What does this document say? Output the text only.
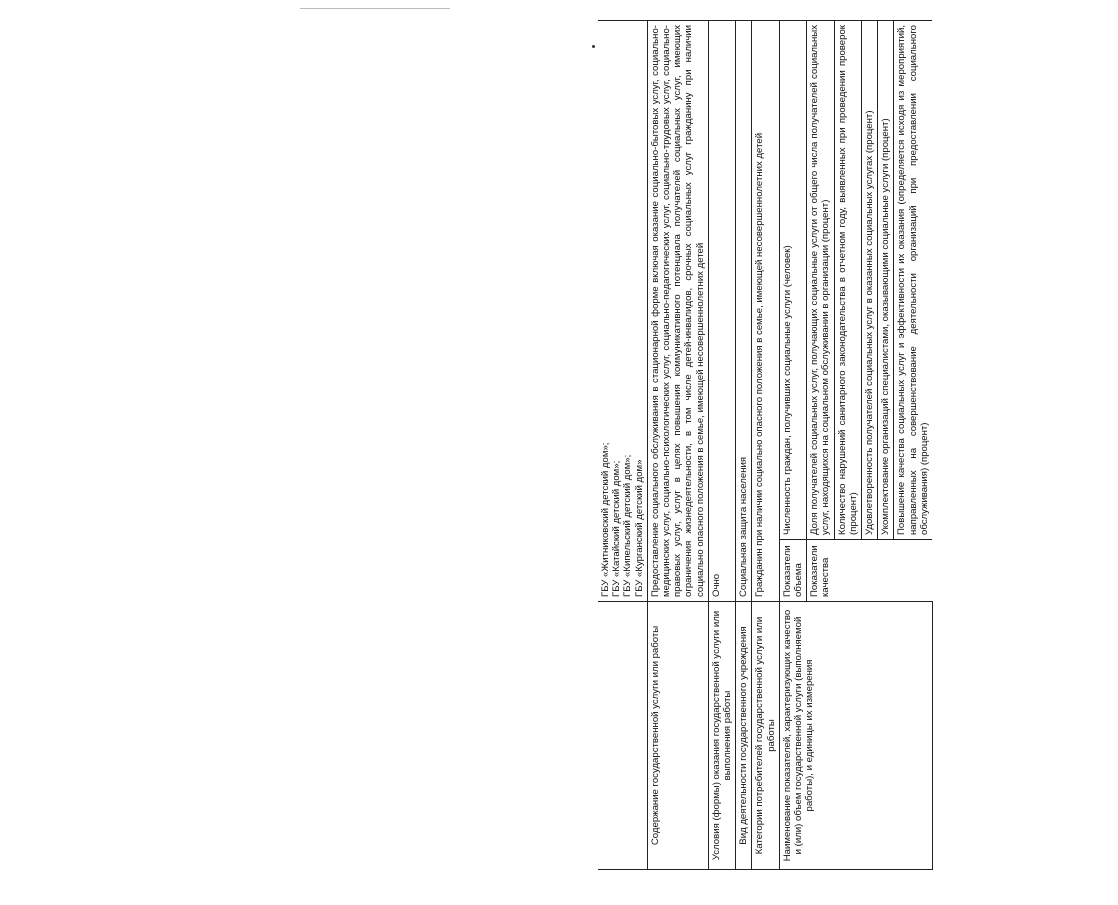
	ГБУ «Житниковский детский дом»; ГБУ «Катайский детский дом»; ГБУ «Кипельский детский дом»; ГБУ «Курганский детский дом»	

Содержание государственной услуги или работы	Предоставление социального обслуживания в стационарной форме включая оказание социально-бытовых услуг, социально-медицинских услуг, социально-психологических услуг, социально-педагогических услуг, социально-трудовых услуг, социально-правовых услуг, услуг в целях повышения коммуникативного потенциала получателей социальных услуг, имеющих ограничения жизнедеятельности, в том числе детей-инвалидов, срочных социальных услуг гражданину при наличии социально опасного положения в семье, имеющей несовершеннолетних детей	
Условия (формы) оказания государственной услуги или выполнения работы	Очно	
Вид деятельности государственного учреждения	Социальная защита населения	
Категории потребителей государственной услуги или работы	Гражданин при наличии социально опасного положения в семье, имеющей несовершеннолетних детей	
Наименование показателей, характеризующих качество и (или) объем государственной услуги (выполняемой работы), и единицы их измерения	Показатели объема	Численность граждан, получивших социальные услуги (человек)
	Показатели качества	Доля получателей социальных услуг, получающих социальные услуги от общего числа получателей социальных услуг, находящихся на социальном обслуживании в организации (процент)
		Количество нарушений санитарного законодательства в отчетном году, выявленных при проведении проверок (процент)
		Удовлетворенность получателей социальных услуг в оказанных социальных услугах (процент)
		Укомплектование организаций специалистами, оказывающими социальные услуги (процент)
		Повышение качества социальных услуг и эффективности их оказания (определяется исходя из мероприятий, направленных на совершенствование деятельности организаций при предоставлении социального обслуживания) (процент)
